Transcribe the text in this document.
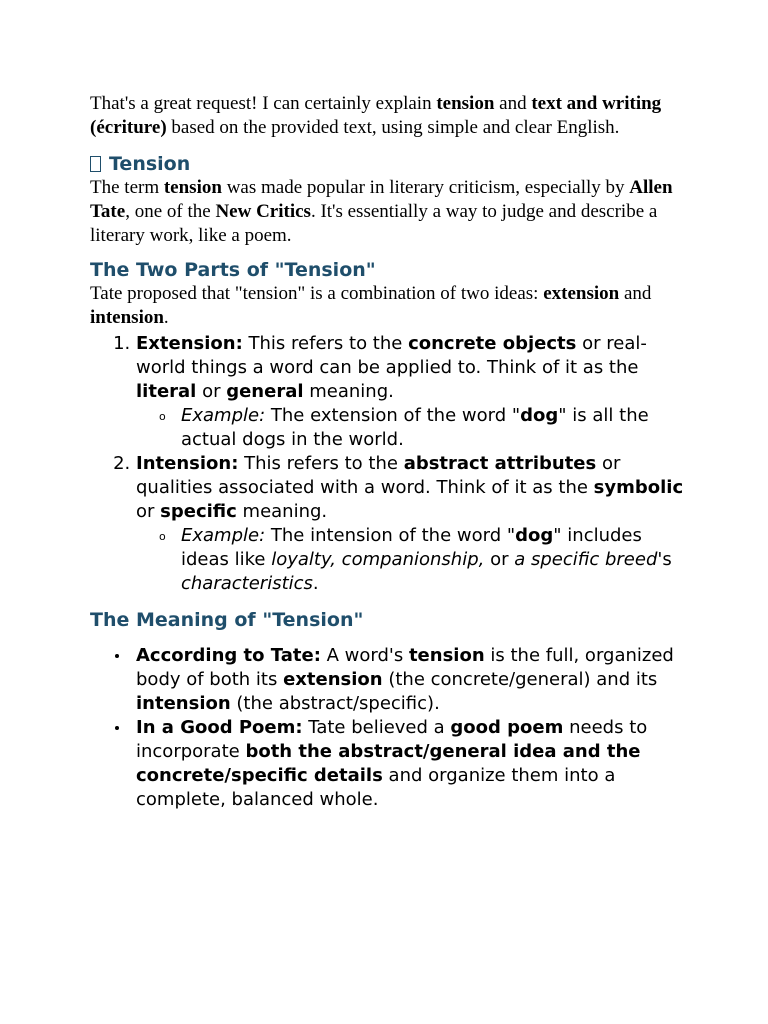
That's a great request! I can certainly explain tension and text and writing (écriture) based on the provided text, using simple and clear English.

Tension

The term tension was made popular in literary criticism, especially by Allen Tate, one of the New Critics. It's essentially a way to judge and describe a literary work, like a poem.

The Two Parts of "Tension"

Tate proposed that "tension" is a combination of two ideas: extension and intension.

1. Extension: This refers to the concrete objects or real-world things a word can be applied to. Think of it as the literal or general meaning.
o Example: The extension of the word "dog" is all the actual dogs in the world.
2. Intension: This refers to the abstract attributes or qualities associated with a word. Think of it as the symbolic or specific meaning.
o Example: The intension of the word "dog" includes ideas like loyalty, companionship, or a specific breed's characteristics.
The Meaning of "Tension"
According to Tate: A word's tension is the full, organized body of both its extension (the concrete/general) and its intension (the abstract/specific).
In a Good Poem: Tate believed a good poem needs to incorporate both the abstract/general idea and the concrete/specific details and organize them into a complete, balanced whole.
